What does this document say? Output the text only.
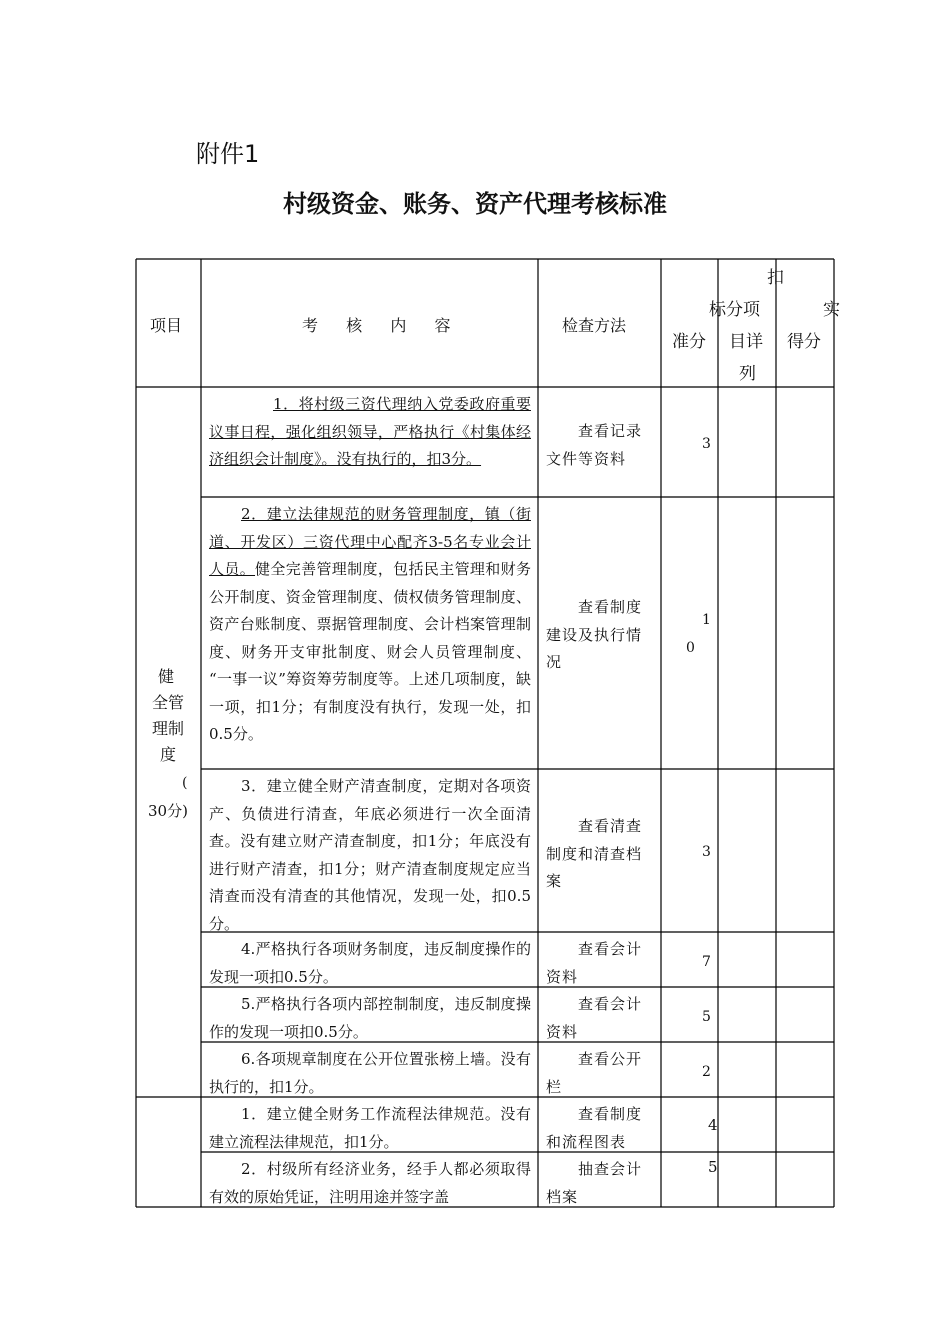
附件1
村级资金、账务、资产代理考核标准
项目	考  核  内  容	检查方法
标
准分
扣
分项
目详
列
实
得分
健
全管
理制
度
(
30分)
1．将村级三资代理纳入党委政府重要议事日程，强化组织领导，严格执行《村集体经济组织会计制度》。没有执行的，扣3分。
查看记录文件等资料
3
2．建立法律规范的财务管理制度，镇（街道、开发区）三资代理中心配齐3-5名专业会计人员。健全完善管理制度，包括民主管理和财务公开制度、资金管理制度、债权债务管理制度、资产台账制度、票据管理制度、会计档案管理制度、财务开支审批制度、财会人员管理制度、 “一事一议”筹资筹劳制度等。上述几项制度，缺一项，扣1分；有制度没有执行，发现一处，扣0.5分。
查看制度建设及执行情况
1
0
3．建立健全财产清查制度，定期对各项资产、负债进行清查，年底必须进行一次全面清查。没有建立财产清查制度，扣1分；年底没有进行财产清查，扣1分；财产清查制度规定应当清查而没有清查的其他情况，发现一处，扣0.5分。
查看清查制度和清查档案
3
4.严格执行各项财务制度，违反制度操作的发现一项扣0.5分。
查看会计资料
7
5.严格执行各项内部控制制度，违反制度操作的发现一项扣0.5分。
查看会计资料
5
6.各项规章制度在公开位置张榜上墙。没有执行的，扣1分。
查看公开栏
2
1．建立健全财务工作流程法律规范。没有建立流程法律规范，扣1分。
查看制度和流程图表
4
2．村级所有经济业务，经手人都必须取得有效的原始凭证，注明用途并签字盖
抽查会计档案
5
